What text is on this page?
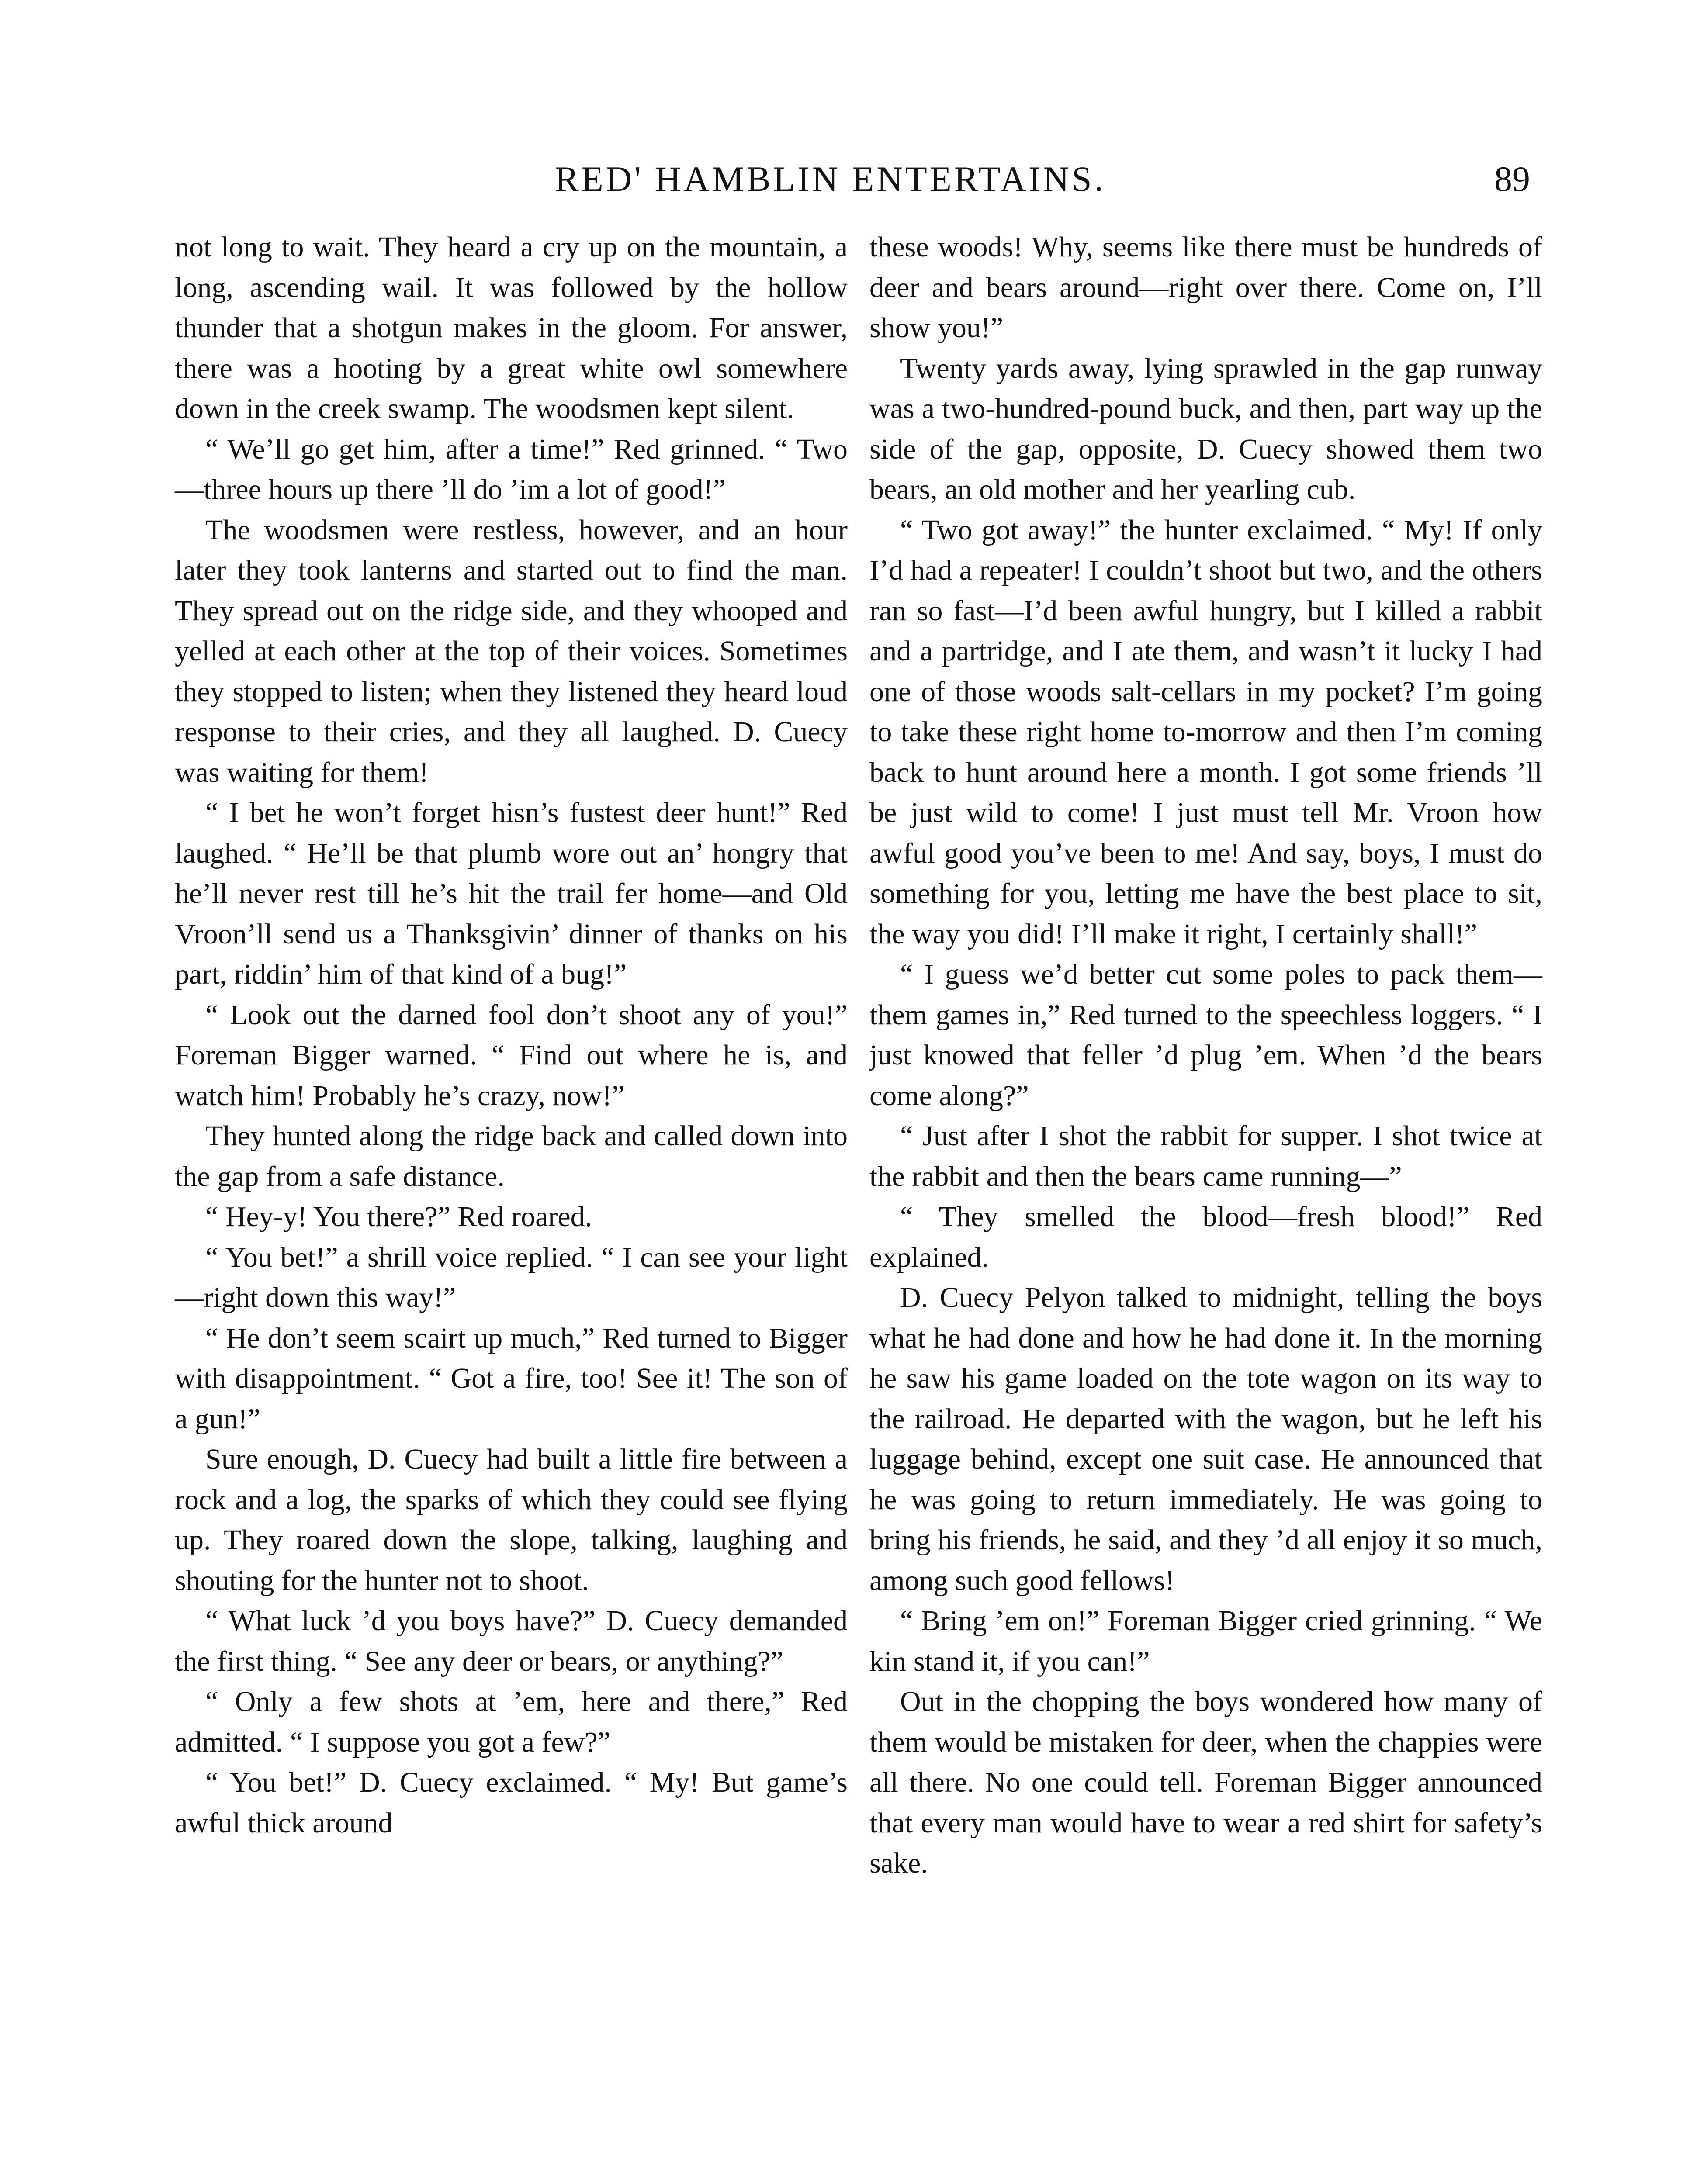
RED' HAMBLIN ENTERTAINS.	89

not long to wait. They heard a cry up on the mountain, a long, ascending wail. It was followed by the hollow thunder that a shotgun makes in the gloom. For answer, there was a hooting by a great white owl somewhere down in the creek swamp. The woodsmen kept silent.

“ We’ll go get him, after a time!” Red grinned. “ Two—three hours up there ’ll do ’im a lot of good!”

The woodsmen were restless, however, and an hour later they took lanterns and started out to find the man. They spread out on the ridge side, and they whooped and yelled at each other at the top of their voices. Sometimes they stopped to listen; when they listened they heard loud response to their cries, and they all laughed. D. Cuecy was waiting for them!

“ I bet he won’t forget hisn’s fustest deer hunt!” Red laughed. “ He’ll be that plumb wore out an’ hongry that he’ll never rest till he’s hit the trail fer home—and Old Vroon’ll send us a Thanksgivin’ dinner of thanks on his part, riddin’ him of that kind of a bug!”

“ Look out the darned fool don’t shoot any of you!” Foreman Bigger warned. “ Find out where he is, and watch him! Probably he’s crazy, now!”

They hunted along the ridge back and called down into the gap from a safe distance.

“ Hey-y! You there?” Red roared.

“ You bet!” a shrill voice replied. “ I can see your light—right down this way!”

“ He don’t seem scairt up much,” Red turned to Bigger with disappointment. “ Got a fire, too! See it! The son of a gun!”

Sure enough, D. Cuecy had built a little fire between a rock and a log, the sparks of which they could see flying up. They roared down the slope, talking, laughing and shouting for the hunter not to shoot.

“ What luck ’d you boys have?” D. Cuecy demanded the first thing. “ See any deer or bears, or anything?”

“ Only a few shots at ’em, here and there,” Red admitted. “ I suppose you got a few?”

“ You bet!” D. Cuecy exclaimed. “ My! But game’s awful thick around

these woods! Why, seems like there must be hundreds of deer and bears around—right over there. Come on, I’ll show you!”

Twenty yards away, lying sprawled in the gap runway was a two-hundred-pound buck, and then, part way up the side of the gap, opposite, D. Cuecy showed them two bears, an old mother and her yearling cub.

“ Two got away!” the hunter exclaimed. “ My! If only I’d had a repeater! I couldn’t shoot but two, and the others ran so fast—I’d been awful hungry, but I killed a rabbit and a partridge, and I ate them, and wasn’t it lucky I had one of those woods salt-cellars in my pocket? I’m going to take these right home to-morrow and then I’m coming back to hunt around here a month. I got some friends ’ll be just wild to come! I just must tell Mr. Vroon how awful good you’ve been to me! And say, boys, I must do something for you, letting me have the best place to sit, the way you did! I’ll make it right, I certainly shall!”

“ I guess we’d better cut some poles to pack them—them games in,” Red turned to the speechless loggers. “ I just knowed that feller ’d plug ’em. When ’d the bears come along?”

“ Just after I shot the rabbit for supper. I shot twice at the rabbit and then the bears came running—”

“ They smelled the blood—fresh blood!” Red explained.

D. Cuecy Pelyon talked to midnight, telling the boys what he had done and how he had done it. In the morning he saw his game loaded on the tote wagon on its way to the railroad. He departed with the wagon, but he left his luggage behind, except one suit case. He announced that he was going to return immediately. He was going to bring his friends, he said, and they ’d all enjoy it so much, among such good fellows!

“ Bring ’em on!” Foreman Bigger cried grinning. “ We kin stand it, if you can!”

Out in the chopping the boys wondered how many of them would be mistaken for deer, when the chappies were all there. No one could tell. Foreman Bigger announced that every man would have to wear a red shirt for safety’s sake.
